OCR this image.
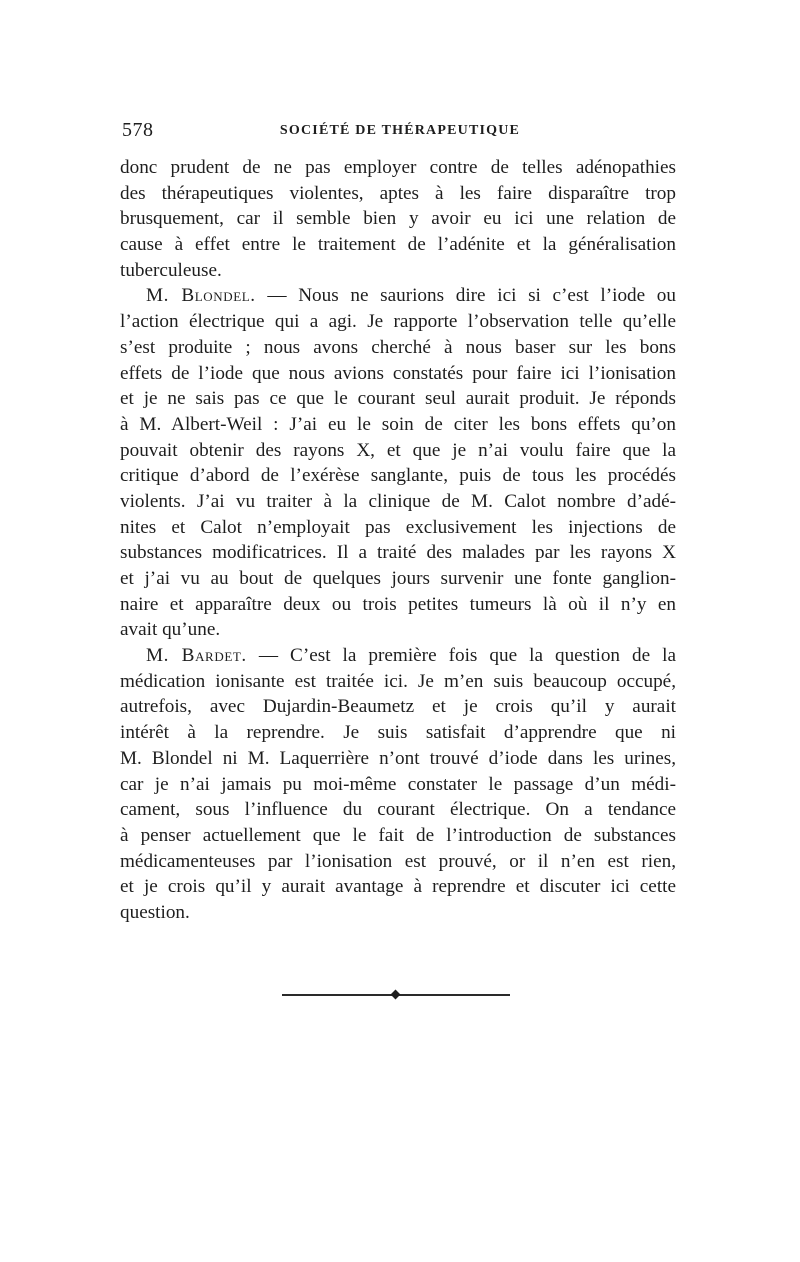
578	SOCIÉTÉ DE THÉRAPEUTIQUE
donc prudent de ne pas employer contre de telles adénopathies
des thérapeutiques violentes, aptes à les faire disparaître trop
brusquement, car il semble bien y avoir eu ici une relation de
cause à effet entre le traitement de l’adénite et la généralisation
tuberculeuse.
M. Blondel. — Nous ne saurions dire ici si c’est l’iode ou
l’action électrique qui a agi. Je rapporte l’observation telle qu’elle
s’est produite ; nous avons cherché à nous baser sur les bons
effets de l’iode que nous avions constatés pour faire ici l’ionisation
et je ne sais pas ce que le courant seul aurait produit. Je réponds
à M. Albert-Weil : J’ai eu le soin de citer les bons effets qu’on
pouvait obtenir des rayons X, et que je n’ai voulu faire que la
critique d’abord de l’exérèse sanglante, puis de tous les procédés
violents. J’ai vu traiter à la clinique de M. Calot nombre d’adé-
nites et Calot n’employait pas exclusivement les injections de
substances modificatrices. Il a traité des malades par les rayons X
et j’ai vu au bout de quelques jours survenir une fonte ganglion-
naire et apparaître deux ou trois petites tumeurs là où il n’y en
avait qu’une.
M. Bardet. — C’est la première fois que la question de la
médication ionisante est traitée ici. Je m’en suis beaucoup occupé,
autrefois, avec Dujardin-Beaumetz et je crois qu’il y aurait
intérêt à la reprendre. Je suis satisfait d’apprendre que ni
M. Blondel ni M. Laquerrière n’ont trouvé d’iode dans les urines,
car je n’ai jamais pu moi-même constater le passage d’un médi-
cament, sous l’influence du courant électrique. On a tendance
à penser actuellement que le fait de l’introduction de substances
médicamenteuses par l’ionisation est prouvé, or il n’en est rien,
et je crois qu’il y aurait avantage à reprendre et discuter ici cette
question.
